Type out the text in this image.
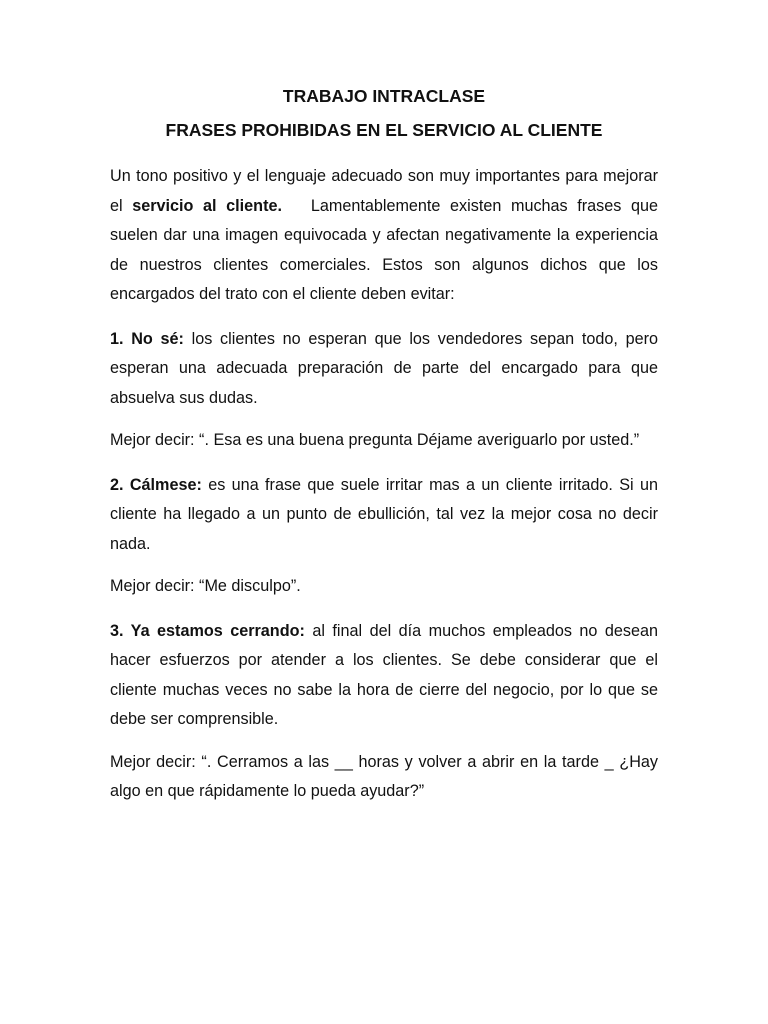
TRABAJO INTRACLASE
FRASES PROHIBIDAS EN EL SERVICIO AL CLIENTE

Un tono positivo y el lenguaje adecuado son muy importantes para mejorar el servicio al cliente.   Lamentablemente existen muchas frases que suelen dar una imagen equivocada y afectan negativamente la experiencia de nuestros clientes comerciales. Estos son algunos dichos que los encargados del trato con el cliente deben evitar:

1. No sé: los clientes no esperan que los vendedores sepan todo, pero esperan una adecuada preparación de parte del encargado para que absuelva sus dudas.

Mejor decir: “. Esa es una buena pregunta Déjame averiguarlo por usted.”

2. Cálmese: es una frase que suele irritar mas a un cliente irritado. Si un cliente ha llegado a un punto de ebullición, tal vez la mejor cosa no decir nada.

Mejor decir: “Me disculpo”.

3. Ya estamos cerrando: al final del día muchos empleados no desean hacer esfuerzos por atender a los clientes. Se debe considerar que el cliente muchas veces no sabe la hora de cierre del negocio, por lo que se debe ser comprensible.

Mejor decir: “. Cerramos a las __ horas y volver a abrir en la tarde _ ¿Hay algo en que rápidamente lo pueda ayudar?”
